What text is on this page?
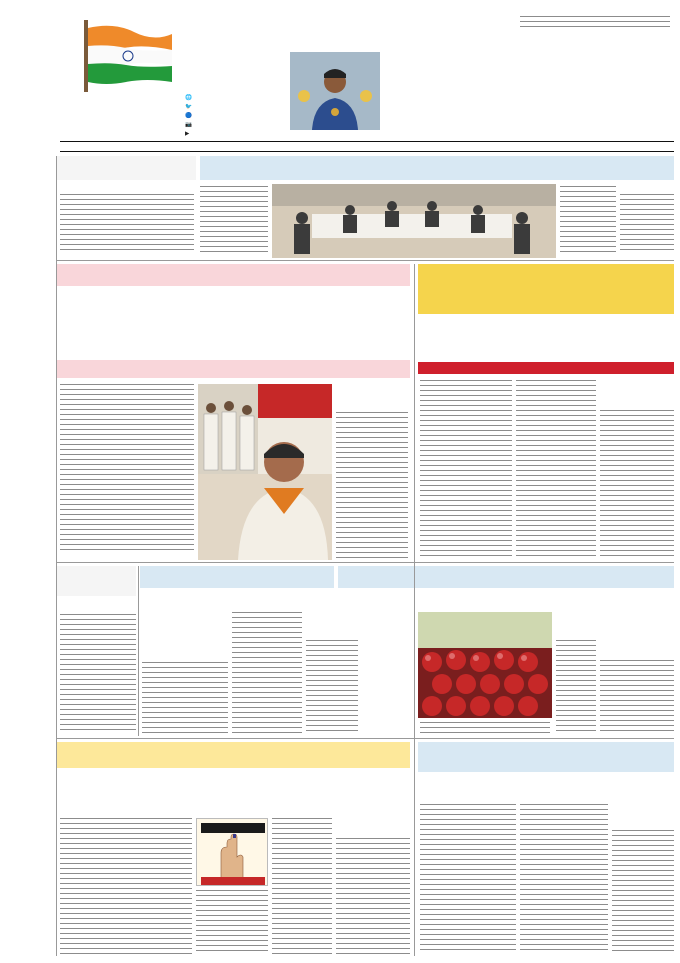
🌐
🐦
🔵
📷
▶
